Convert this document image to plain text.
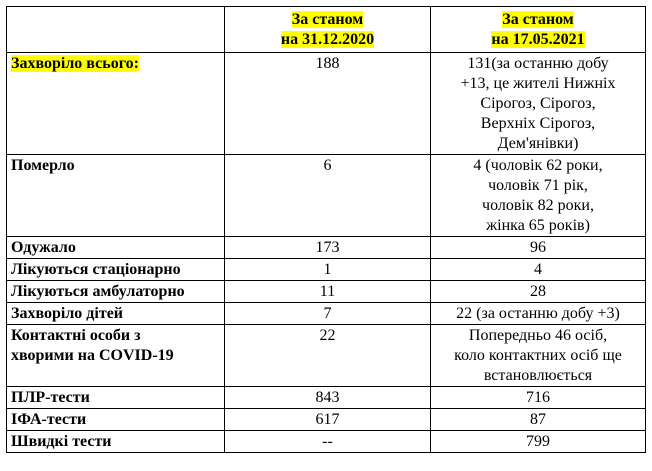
	За станом
на 31.12.2020	За станом
на 17.05.2021
Захворіло всього:	188	131(за останню добу
+13, це жителі Нижніх
Сірогоз, Сірогоз,
Верхніх Сірогоз,
Дем'янівки)

Померло	6	4 (чоловік 62 роки,
чоловік 71 рік,
чоловік 82 роки,
жінка 65 років)

Одужало	173	96
Лікуються стаціонарно	1	4
Лікуються амбулаторно	11	28
Захворіло дітей	7	22 (за останню добу +3)

Контактні особи з
хворими на COVID-19	22	Попередньо 46 осіб,
коло контактних осіб ще
встановлюється

ПЛР-тести	843	716
ІФА-тести	617	87
Швидкі тести	--	799
